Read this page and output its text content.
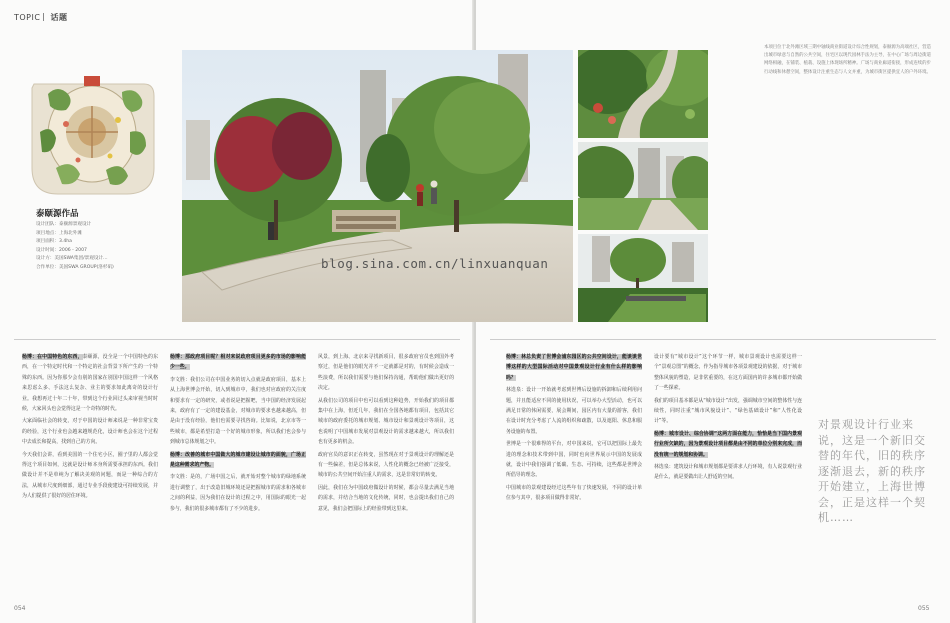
TOPIC 话题
泰颐源作品
设计团队：泰颐源景观设计
项目地点：上海北外滩
项目面积：3.4ha
设计时间：2006 - 2007
设计方：美国SWA集团/景观设计…
合作单位：美国SWA GROUP(洛杉矶)	blog.sina.com.cn/linxuanquan
本项目位于北外滩区域三期中轴线商业街道设计综合性规划，泰颐源为高端社区，营造出城市绿意与自然的公共空间，住宅区以现代园林手法为主导，在中心广场与周边街道网络相融，在铺装、植栽、设施上体现场所精神。广场与商业廊道衔接，形成连续的步行动线和休憩空间，整体设计注重生态与人文并重，为城市街区提供宜人的户外环境。

杨博：在中国特色的东西，泰颐源，没全是一个中国特色的东西，在一个特定时代和一个特定的社会背景下所产生的一个特殊的东西。因为你那少会有别的国家在别国中国这样一个风格来思虑么多、手法这么复杂、业主的要求如此离奇的设计行业。我想再过十年二十年，带到这个行业回过头来审视当时时候，大家回头也会觉得这是一个奇特的时代。

大家面临社会的转变，对于中国的设计师来说是一种非常宝贵的经验，这个行业也会越来越规范化，设计师也会在这个过程中去成长和提高，找到自己的方向。

今天我们会讲，看到美国的一个住宅小区，圈子里的人都会觉得这个项目如何，这就是设计师本身所需要承担的东西。我们做设计并不是单纯为了解决美观的问题，而是一种综合的方法，从城市尺度到细部，通过专业手段使建设可持续发展，并为人们提供了很好的居住环境。

杨博：那政府项目呢？相对来说政府项目更多的市场的影响能少一些。

李文胜：我们公司在中国业务的切入点就是政府项目，基本上从上海世博会开始，切入到城市中，我们也对应政府的关注度和要求有一定的研究，或者说是把握吧，当中国的经济发展起来，政府有了一定的建设基金，对城市的要求也越来越高，但是由于没有经验，他们也需要寻找咨询。比如说，北京市等一些城市，都是希望打造一个好的城市形象，所以我们也会参与到城市总体规划之中。

杨博：改善的城市中国做大的城市建设让城市的面貌，广场正是这种需求的产物。

李文胜：是的，广场中国之后，就开始对整个城市的绿地系统进行调整了，出于改造旧城环境还是把握城市的需求和各城市之间的利益，因为我们在设计的过程之中，用国际的眼光一起参与，我们的很多城市都有了不少的进步。

风景，到上海、北京来寻找新项目，很多政府官员也到国外考察过，但是他们的眼光并不一定就都是对的，有时候会造成一些浪费，所以我们需要与他们保持沟通，帮助他们做出更好的决定。

从我们公司的项目中也可以看到这种趋势，开始我们的项目都集中在上海，但近几年，我们在全国各地都有项目，包括其它城市的政府委托的城市规划、城市设计和景观设计等项目，这也说明了中国城市发展对景观设计的需求越来越大，所以我们也有更多的机会。

政府官员的意识正在转变，虽然现在对于景观设计的理解还是有一些偏差，但是总体来说，人性化的概念已经被广泛接受，城市的公共空间开始注重人的需求，这是非常好的转变。

因此，我们在为中国政府做设计的时候，都会尽量去满足当地的需求，并结合当地的文化传统，同时，也会提出我们自己的意见，我们会把国际上的经验带到这里来。

杨博：林总负责了世博会浦东园区的公共空间设计，能谈谈世博这样的大型国际活动对中国景观设计行业有什么样的影响吗？

林选泉：设计一开始就考虑到世博后设施的拆卸和后续利用问题，并且能适应不同的使用状况，可以举办大型活动，也可以满足日常的休闲需要，展会期间，园区内有大量的游客，我们在设计时充分考虑了人流的组织和疏散，以及遮阳、休息和服务设施的布置。

世博是一个很难得的平台，对中国来说，它可以把国际上最先进的理念和技术带到中国，同时也向世界展示中国的发展成就，设计中我们强调了低碳、生态、可持续，这些都是世博会所倡导的理念。

中国城市的景观建设经过这些年有了快速发展，不同的设计单位参与其中，很多项目做得非常好。

设计要有“城市设计”这个环节一样，城市景观设计也需要这样一个“景观总图”的概念，作为指导城市各项景观建设的依据，对于城市整体风貌的塑造，是非常重要的，在这方面国内的许多城市都开始做了一些探索。

我们的项目基本都是从“城市设计”出发，强调城市空间的整体性与连续性，同时注重“城市风貌设计”、“绿色基础设计”和“人性化设计”等。

杨博：城市设计、综合协调“这两方面在能力，恰恰是当下国内景观行业所欠缺的，因为景观设计项目都是由不同的单位分别来完成，而没有统一的规划和协调。

林选泉：建筑设计和城市规划都是要讲求人行环境，有人说景观行业是什么，就是要做出让人舒适的空间。

对景观设计行业来说，这是一个新旧交替的年代，旧的秩序逐渐退去，新的秩序开始建立，上海世博会，正是这样一个契机……
054	055
